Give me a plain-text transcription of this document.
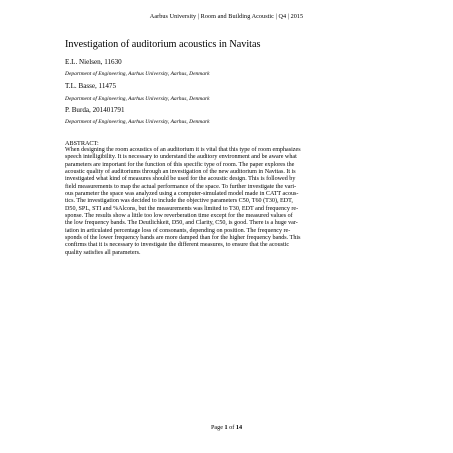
Aarbus University | Room and Building Acoustic | Q4 | 2015
Investigation of auditorium acoustics in Navitas
E.L. Nielsen, 11630
Department of Engineering, Aarhus University, Aarhus, Denmark
T.L. Basse, 11475
Department of Engineering, Aarhus University, Aarhus, Denmark
P. Burda, 201401791
Department of Engineering, Aarhus University, Aarhus, Denmark
ABSTRACT:
When designing the room acoustics of an auditorium it is vital that this type of room emphasizes
speech intelligibility. It is necessary to understand the auditory environment and be aware what
parameters are important for the function of this specific type of room. The paper explores the
acoustic quality of auditoriums through an investigation of the new auditorium in Navitas. It is
investigated what kind of measures should be used for the acoustic design. This is followed by
field measurements to map the actual performance of the space. To further investigate the vari-
ous parameter the space was analyzed using a computer-simulated model made in CATT acous-
tics. The investigation was decided to include the objective parameters C50, T60 (T30), EDT,
D50, SPL, STI and %Alcons, but the measurements was limited to T30, EDT and frequency re-
sponse. The results show a little too low reverberation time except for the measured values of
the low frequency bands. The Deutlichkeit, D50, and Clarity, C50, is good. There is a huge var-
iation in articulated percentage loss of consonants, depending on position. The frequency re-
sponds of the lower frequency bands are more damped than for the higher frequency bands. This
confirms that it is necessary to investigate the different measures, to ensure that the acoustic
quality satisfies all parameters.
Page 1 of 14
